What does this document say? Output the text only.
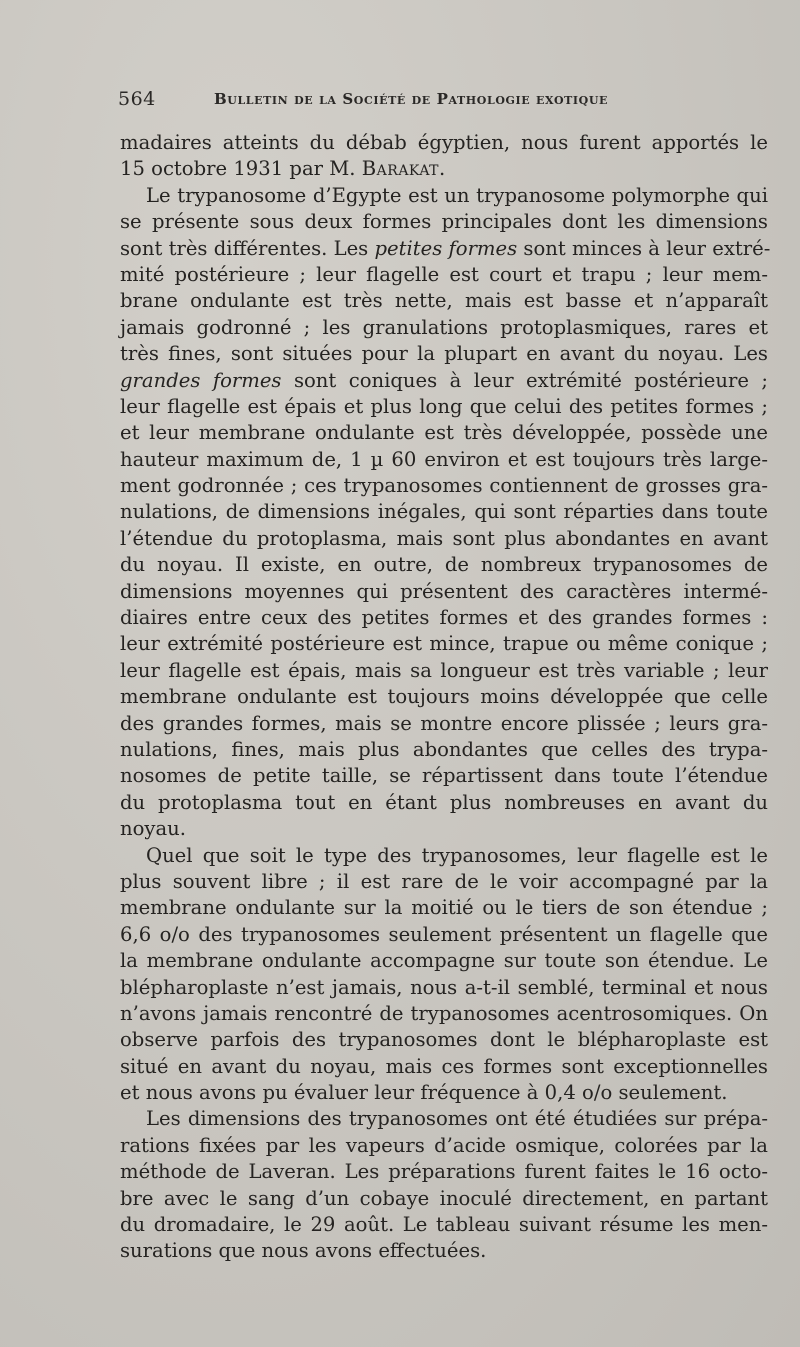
564	Bulletin de la Société de Pathologie exotique
madaires atteints du débab égyptien, nous furent apportés le
15 octobre 1931 par M. Barakat.
Le trypanosome d’Egypte est un trypanosome polymorphe qui
se présente sous deux formes principales dont les dimensions
sont très différentes. Les petites formes sont minces à leur extré-
mité postérieure ; leur flagelle est court et trapu ; leur mem-
brane ondulante est très nette, mais est basse et n’apparaît
jamais godronné ; les granulations protoplasmiques, rares et
très fines, sont situées pour la plupart en avant du noyau. Les
grandes formes sont coniques à leur extrémité postérieure ;
leur flagelle est épais et plus long que celui des petites formes ;
et leur membrane ondulante est très développée, possède une
hauteur maximum de, 1 µ 60 environ et est toujours très large-
ment godronnée ; ces trypanosomes contiennent de grosses gra-
nulations, de dimensions inégales, qui sont réparties dans toute
l’étendue du protoplasma, mais sont plus abondantes en avant
du noyau. Il existe, en outre, de nombreux trypanosomes de
dimensions moyennes qui présentent des caractères intermé-
diaires entre ceux des petites formes et des grandes formes :
leur extrémité postérieure est mince, trapue ou même conique ;
leur flagelle est épais, mais sa longueur est très variable ; leur
membrane ondulante est toujours moins développée que celle
des grandes formes, mais se montre encore plissée ; leurs gra-
nulations, fines, mais plus abondantes que celles des trypa-
nosomes de petite taille, se répartissent dans toute l’étendue
du protoplasma tout en étant plus nombreuses en avant du
noyau.
Quel que soit le type des trypanosomes, leur flagelle est le
plus souvent libre ; il est rare de le voir accompagné par la
membrane ondulante sur la moitié ou le tiers de son étendue ;
6,6 o/o des trypanosomes seulement présentent un flagelle que
la membrane ondulante accompagne sur toute son étendue. Le
blépharoplaste n’est jamais, nous a-t-il semblé, terminal et nous
n’avons jamais rencontré de trypanosomes acentrosomiques. On
observe parfois des trypanosomes dont le blépharoplaste est
situé en avant du noyau, mais ces formes sont exceptionnelles
et nous avons pu évaluer leur fréquence à 0,4 o/o seulement.
Les dimensions des trypanosomes ont été étudiées sur prépa-
rations fixées par les vapeurs d’acide osmique, colorées par la
méthode de Laveran. Les préparations furent faites le 16 octo-
bre avec le sang d’un cobaye inoculé directement, en partant
du dromadaire, le 29 août. Le tableau suivant résume les men-
surations que nous avons effectuées.
